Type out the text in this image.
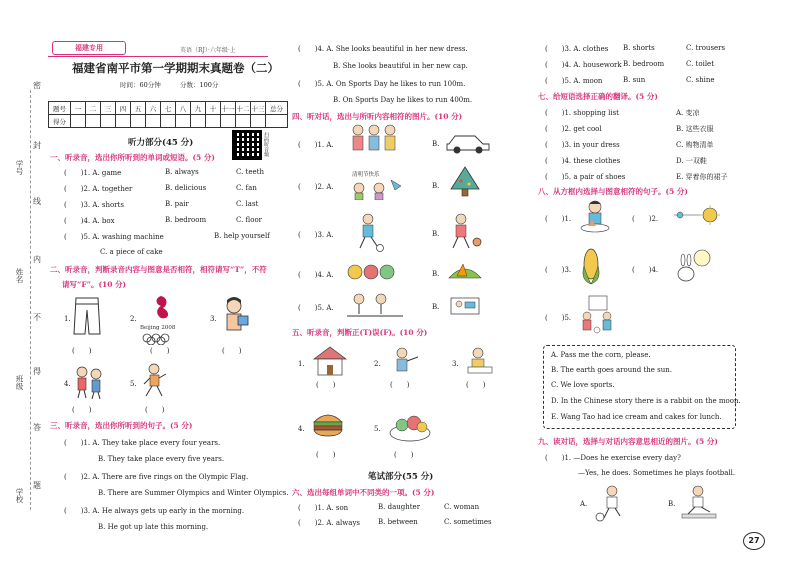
学号
姓名
班级
学校
密
封
线
内
不
得
答
题
福建专用	英语（RJ）·六年级·上
福建省南平市第一学期期末真题卷（二）
时间：60分钟	分数：100分
题号	一	二	三	四	五	六	七	八	九	十	十一	十二	十三	总分
得分														
听力部分(45 分)	扫码听音频
一、听录音，选出你所听到的单词或短语。(5 分)
(　　)1. A. game	B. always	C. teeth
(　　)2. A. together	B. delicious	C. fan
(　　)3. A. shorts	B. pair	C. last
(　　)4. A. box	B. bedroom	C. floor
(　　)5. A. washing machine	B. help yourself
C. a piece of cake
二、听录音，判断录音内容与图意是否相符，相符请写“T”，不符
请写“F”。(10 分)
1.
(　　)
2.
Beijing 2008
(　　)
3.
(　　)
4.
(　　)
5.
(　　)
三、听录音，选出你所听到的句子。(5 分)
(　　)1. A. They take place every four years.
B. They take place every five years.
(　　)2. A. There are five rings on the Olympic Flag.
B. There are Summer Olympics and Winter Olympics.
(　　)3. A. He always gets up early in the morning.
B. He got up late this morning.
(　　)4. A. She looks beautiful in her new dress.
B. She looks beautiful in her new cap.
(　　)5. A. On Sports Day he likes to run 100m.
B. On Sports Day he likes to run 400m.
四、听对话，选出与所听内容相符的图片。(10 分)
(　　)1. A.	B.
(　　)2. A.
清明节快乐
B.
(　　)3. A.	B.
(　　)4. A.	B.
(　　)5. A.	B.
五、听录音，判断正(T)误(F)。(10 分)
1.
(　　)
2.
(　　)
3.
(　　)
4.
(　　)
5.
(　　)
笔试部分(55 分)
六、选出每组单词中不同类的一项。(5 分)
(　　)1. A. son	B. daughter	C. woman
(　　)2. A. always	B. between	C. sometimes
(　　)3. A. clothes B. shorts	C. trousers
(　　)4. A. housework B. bedroom	C. toilet
(　　)5. A. moon	B. sun	C. shine
七、给短语选择正确的翻译。(5 分)
(　　)1. shopping list	A. 变凉
(　　)2. get cool	B. 这些衣服
(　　)3. in your dress	C. 购物清单
(　　)4. these clothes	D. 一双鞋
(　　)5. a pair of shoes	E. 穿着你的裙子
八、从方框内选择与图意相符的句子。(5 分)
(　　)1.	(　　)2.
(　　)3.	(　　)4.
(　　)5.
A. Pass me the corn, please.
B. The earth goes around the sun.
C. We love sports.
D. In the Chinese story there is a rabbit on the moon.
E. Wang Tao had ice cream and cakes for lunch.
九、读对话，选择与对话内容意思相近的图片。(5 分)
(　　)1. —Does he exercise every day?
—Yes, he does. Sometimes he plays football.
A.	B.
27
